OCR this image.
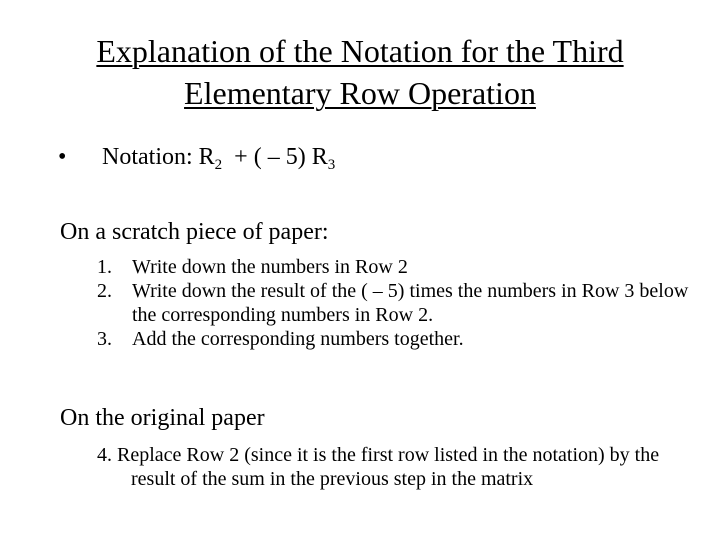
Explanation of the Notation for the Third
Elementary Row Operation
• Notation: $R_2$  + ( – 5) $R_3$
On a scratch piece of paper:
1.	Write down the numbers in Row 2
2.	Write down the result of the ( – 5) times the numbers in Row 3 below the corresponding numbers in Row 2.
3.	Add the corresponding numbers together.
On the original paper
4. Replace Row 2 (since it is the first row listed in the notation) by the result of the sum in the previous step in the matrix
